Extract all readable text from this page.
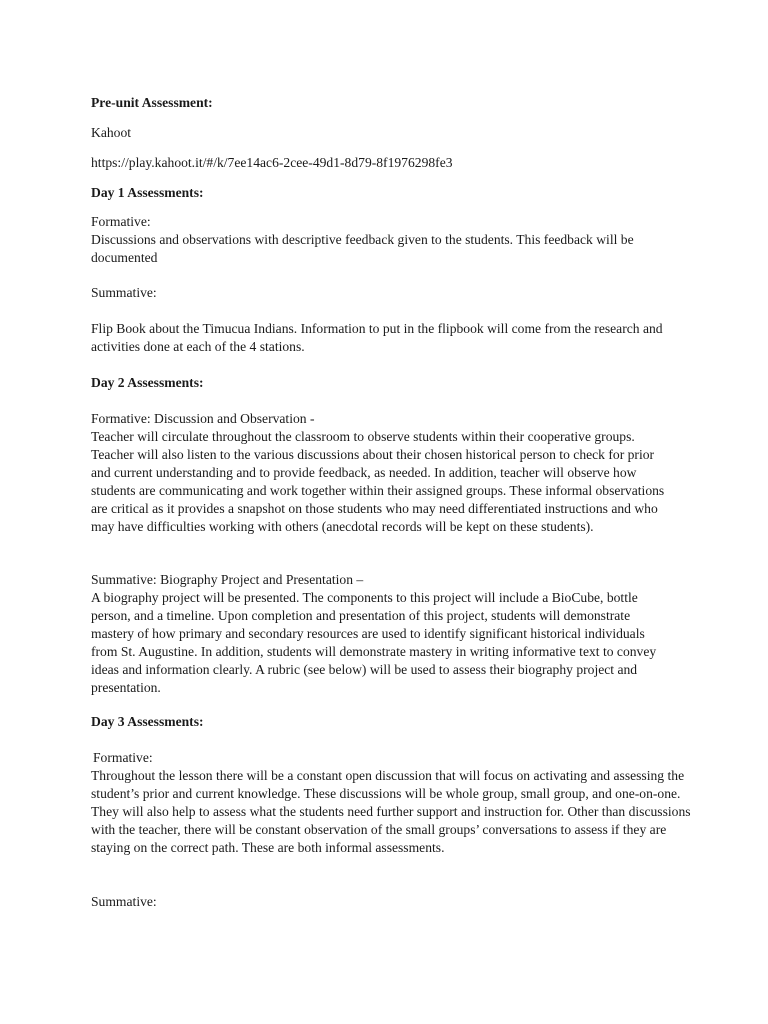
Pre-unit Assessment:
Kahoot
https://play.kahoot.it/#/k/7ee14ac6-2cee-49d1-8d79-8f1976298fe3
Day 1 Assessments:
Formative:
Discussions and observations with descriptive feedback given to the students. This feedback will be documented
Summative:
Flip Book about the Timucua Indians. Information to put in the flipbook will come from the research and activities done at each of the 4 stations.
Day 2 Assessments:
Formative: Discussion and Observation -
Teacher will circulate throughout the classroom to observe students within their cooperative groups. Teacher will also listen to the various discussions about their chosen historical person to check for prior and current understanding and to provide feedback, as needed. In addition, teacher will observe how students are communicating and work together within their assigned groups. These informal observations are critical as it provides a snapshot on those students who may need differentiated instructions and who may have difficulties working with others (anecdotal records will be kept on these students).
Summative: Biography Project and Presentation –
A biography project will be presented. The components to this project will include a BioCube, bottle person, and a timeline. Upon completion and presentation of this project, students will demonstrate mastery of how primary and secondary resources are used to identify significant historical individuals from St. Augustine. In addition, students will demonstrate mastery in writing informative text to convey ideas and information clearly. A rubric (see below) will be used to assess their biography project and presentation.
Day 3 Assessments:
Formative:
Throughout the lesson there will be a constant open discussion that will focus on activating and assessing the student’s prior and current knowledge. These discussions will be whole group, small group, and one-on-one. They will also help to assess what the students need further support and instruction for. Other than discussions with the teacher, there will be constant observation of the small groups’ conversations to assess if they are staying on the correct path. These are both informal assessments.
Summative:
